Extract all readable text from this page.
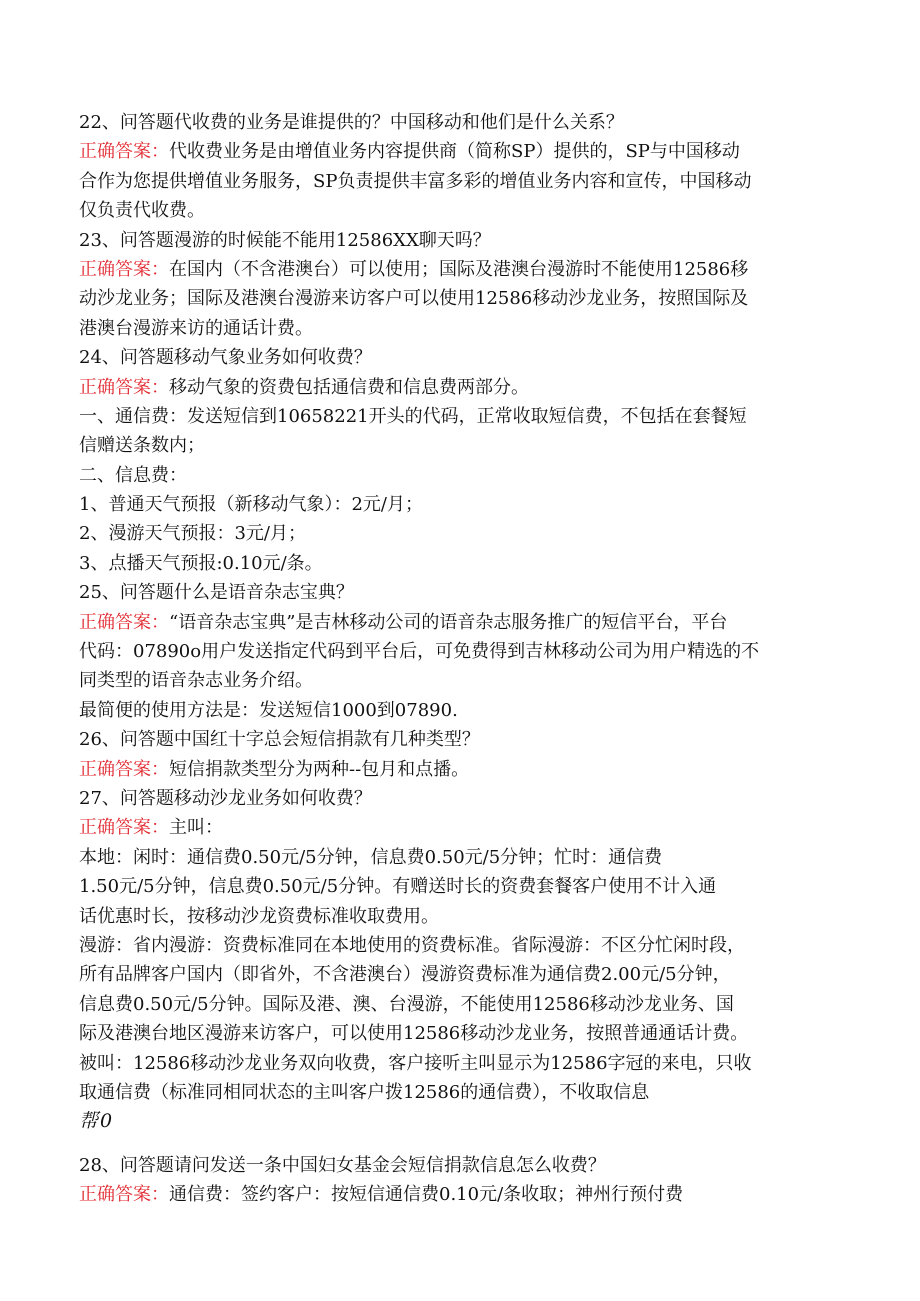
22、问答题代收费的业务是谁提供的？中国移动和他们是什么关系？
正确答案：代收费业务是由增值业务内容提供商（简称SP）提供的，SP与中国移动
合作为您提供增值业务服务，SP负责提供丰富多彩的增值业务内容和宣传，中国移动
仅负责代收费。
23、问答题漫游的时候能不能用12586XX聊天吗？
正确答案：在国内（不含港澳台）可以使用；国际及港澳台漫游时不能使用12586移
动沙龙业务；国际及港澳台漫游来访客户可以使用12586移动沙龙业务，按照国际及
港澳台漫游来访的通话计费。
24、问答题移动气象业务如何收费？
正确答案：移动气象的资费包括通信费和信息费两部分。
一、通信费：发送短信到10658221开头的代码，正常收取短信费，不包括在套餐短
信赠送条数内；
二、信息费：
1、普通天气预报（新移动气象）：2元/月；
2、漫游天气预报：3元/月；
3、点播天气预报:0.10元/条。
25、问答题什么是语音杂志宝典？
正确答案：“语音杂志宝典”是吉林移动公司的语音杂志服务推广的短信平台，平台
代码：07890o用户发送指定代码到平台后，可免费得到吉林移动公司为用户精选的不
同类型的语音杂志业务介绍。
最简便的使用方法是：发送短信1000到07890.
26、问答题中国红十字总会短信捐款有几种类型？
正确答案：短信捐款类型分为两种--包月和点播。
27、问答题移动沙龙业务如何收费？
正确答案：主叫：
本地：闲时：通信费0.50元/5分钟，信息费0.50元/5分钟；忙时：通信费
1.50元/5分钟，信息费0.50元/5分钟。有赠送时长的资费套餐客户使用不计入通
话优惠时长，按移动沙龙资费标准收取费用。
漫游：省内漫游：资费标准同在本地使用的资费标准。省际漫游：不区分忙闲时段，
所有品牌客户国内（即省外，不含港澳台）漫游资费标准为通信费2.00元/5分钟，
信息费0.50元/5分钟。国际及港、澳、台漫游，不能使用12586移动沙龙业务、国
际及港澳台地区漫游来访客户，可以使用12586移动沙龙业务，按照普通通话计费。
被叫：12586移动沙龙业务双向收费，客户接听主叫显示为12586字冠的来电，只收
取通信费（标准同相同状态的主叫客户拨12586的通信费），不收取信息
帮0
28、问答题请问发送一条中国妇女基金会短信捐款信息怎么收费？
正确答案：通信费：签约客户：按短信通信费0.10元/条收取；神州行预付费
